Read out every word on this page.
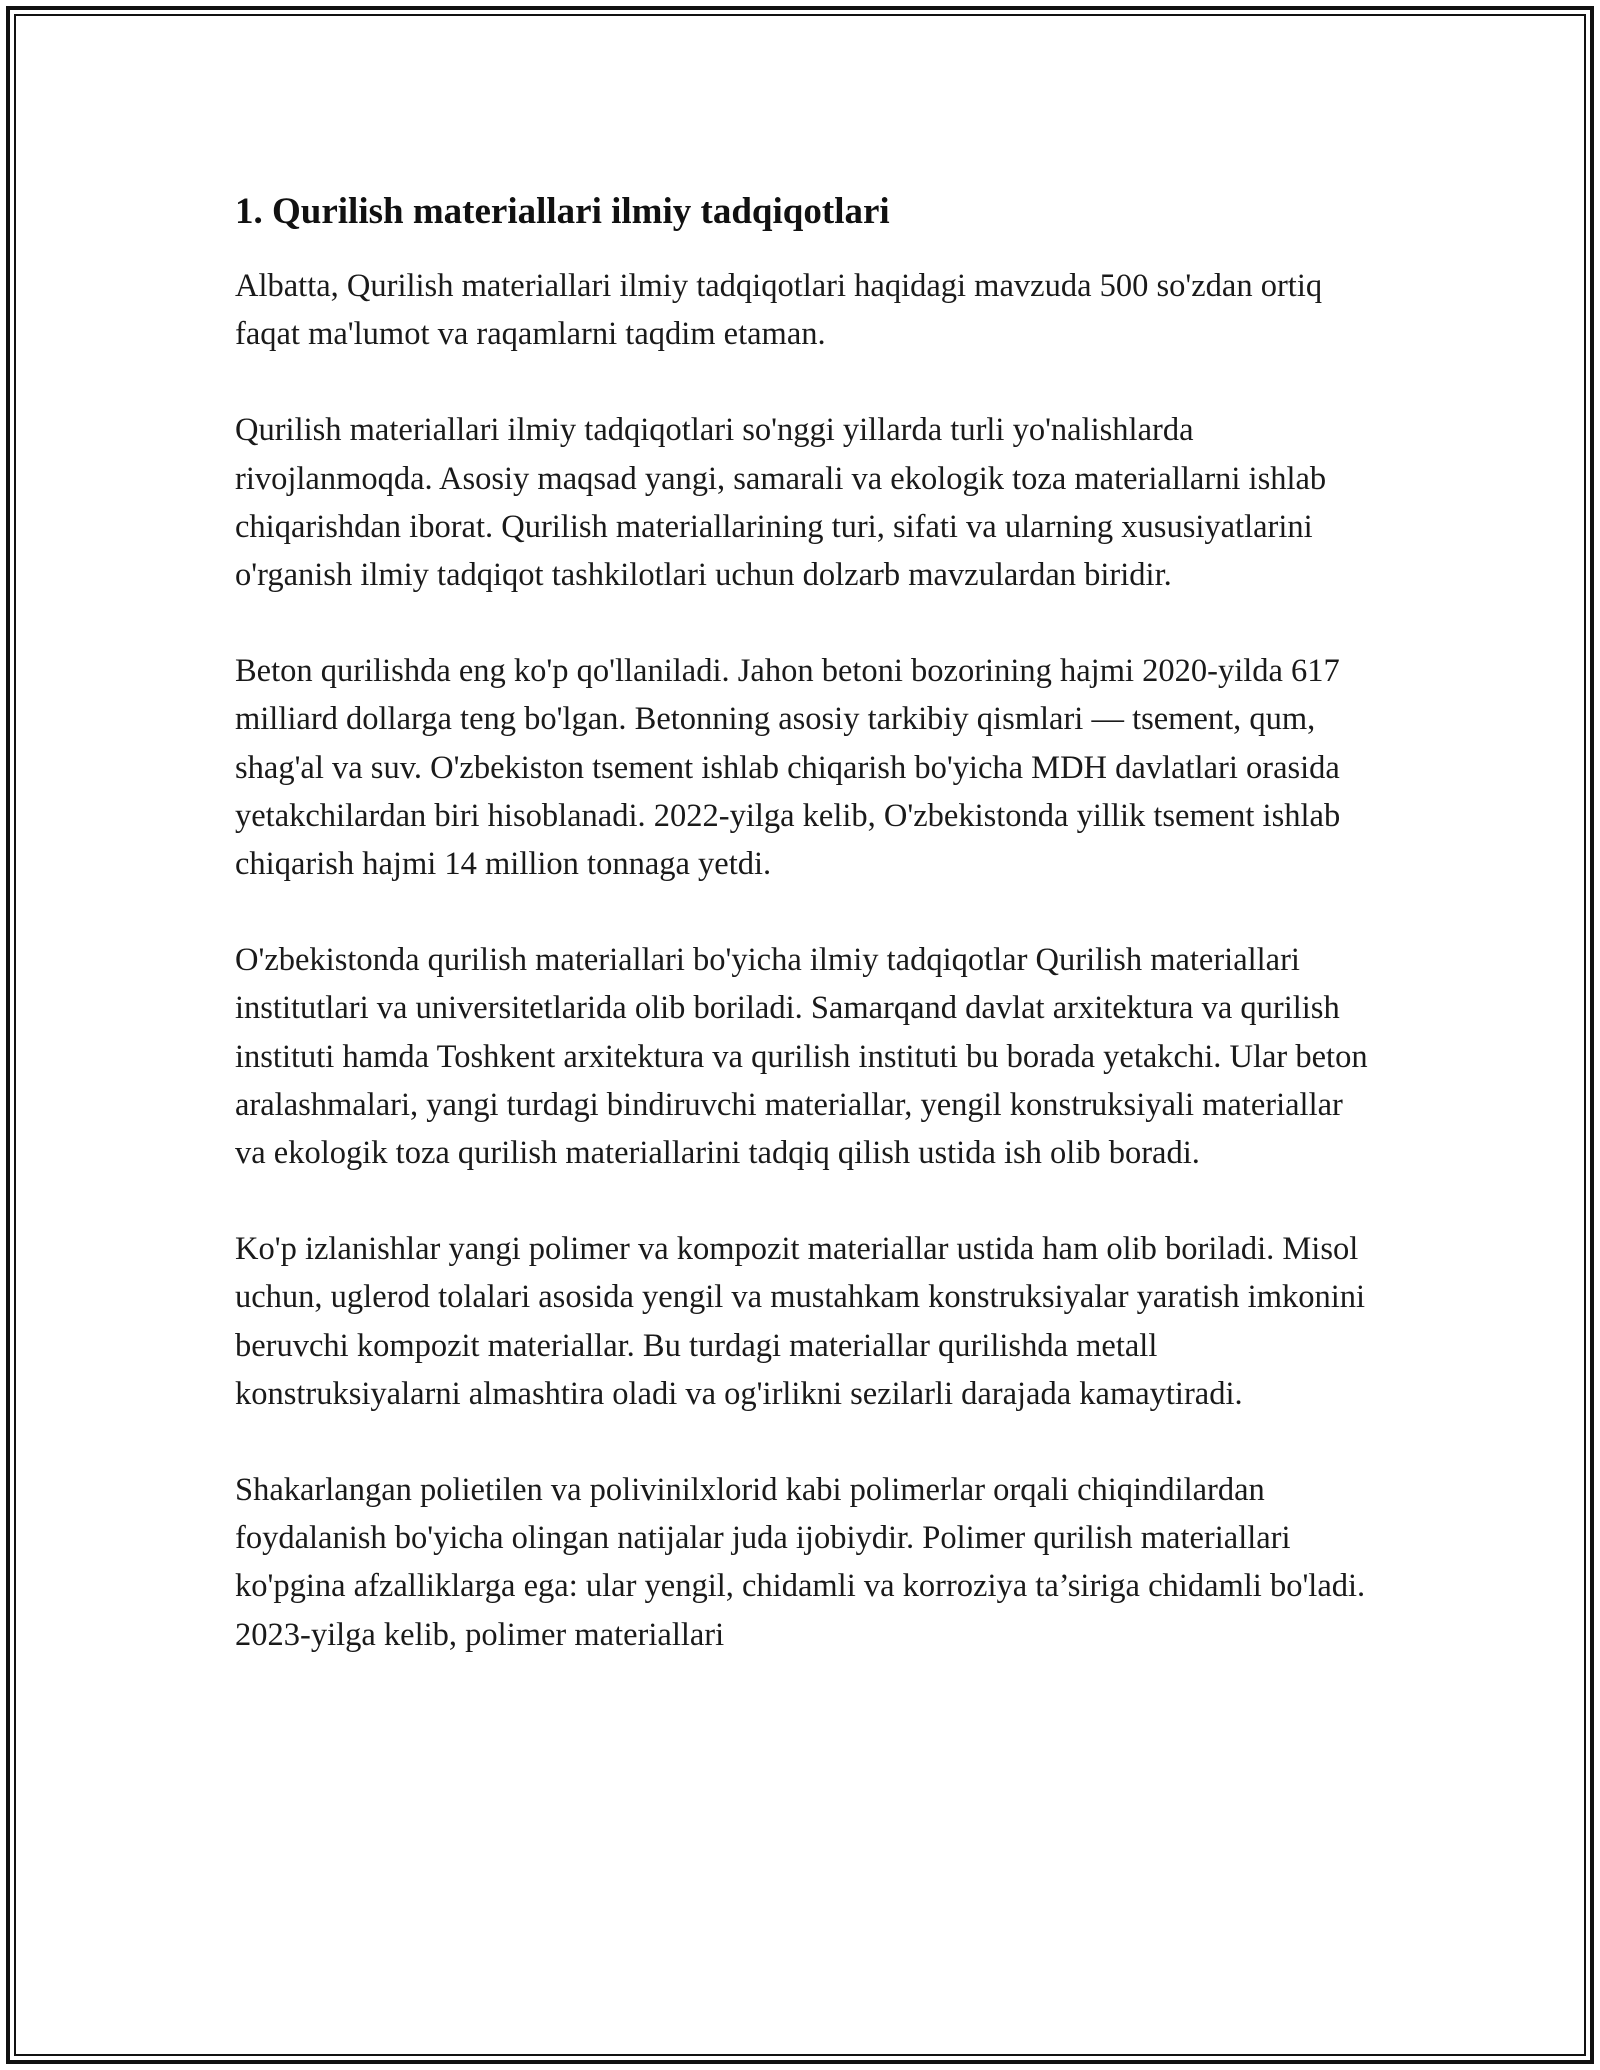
1. Qurilish materiallari ilmiy tadqiqotlari

Albatta, Qurilish materiallari ilmiy tadqiqotlari haqidagi mavzuda 500 so'zdan ortiq faqat ma'lumot va raqamlarni taqdim etaman.

Qurilish materiallari ilmiy tadqiqotlari so'nggi yillarda turli yo'nalishlarda rivojlanmoqda. Asosiy maqsad yangi, samarali va ekologik toza materiallarni ishlab chiqarishdan iborat. Qurilish materiallarining turi, sifati va ularning xususiyatlarini o'rganish ilmiy tadqiqot tashkilotlari uchun dolzarb mavzulardan biridir.

Beton qurilishda eng ko'p qo'llaniladi. Jahon betoni bozorining hajmi 2020-yilda 617 milliard dollarga teng bo'lgan. Betonning asosiy tarkibiy qismlari — tsement, qum, shag'al va suv. O'zbekiston tsement ishlab chiqarish bo'yicha MDH davlatlari orasida yetakchilardan biri hisoblanadi. 2022-yilga kelib, O'zbekistonda yillik tsement ishlab chiqarish hajmi 14 million tonnaga yetdi.

O'zbekistonda qurilish materiallari bo'yicha ilmiy tadqiqotlar Qurilish materiallari institutlari va universitetlarida olib boriladi. Samarqand davlat arxitektura va qurilish instituti hamda Toshkent arxitektura va qurilish instituti bu borada yetakchi. Ular beton aralashmalari, yangi turdagi bindiruvchi materiallar, yengil konstruksiyali materiallar va ekologik toza qurilish materiallarini tadqiq qilish ustida ish olib boradi.

Ko'p izlanishlar yangi polimer va kompozit materiallar ustida ham olib boriladi. Misol uchun, uglerod tolalari asosida yengil va mustahkam konstruksiyalar yaratish imkonini beruvchi kompozit materiallar. Bu turdagi materiallar qurilishda metall konstruksiyalarni almashtira oladi va og'irlikni sezilarli darajada kamaytiradi.

Shakarlangan polietilen va polivinilxlorid kabi polimerlar orqali chiqindilardan foydalanish bo'yicha olingan natijalar juda ijobiydir. Polimer qurilish materiallari ko'pgina afzalliklarga ega: ular yengil, chidamli va korroziya ta’siriga chidamli bo'ladi. 2023-yilga kelib, polimer materiallari
